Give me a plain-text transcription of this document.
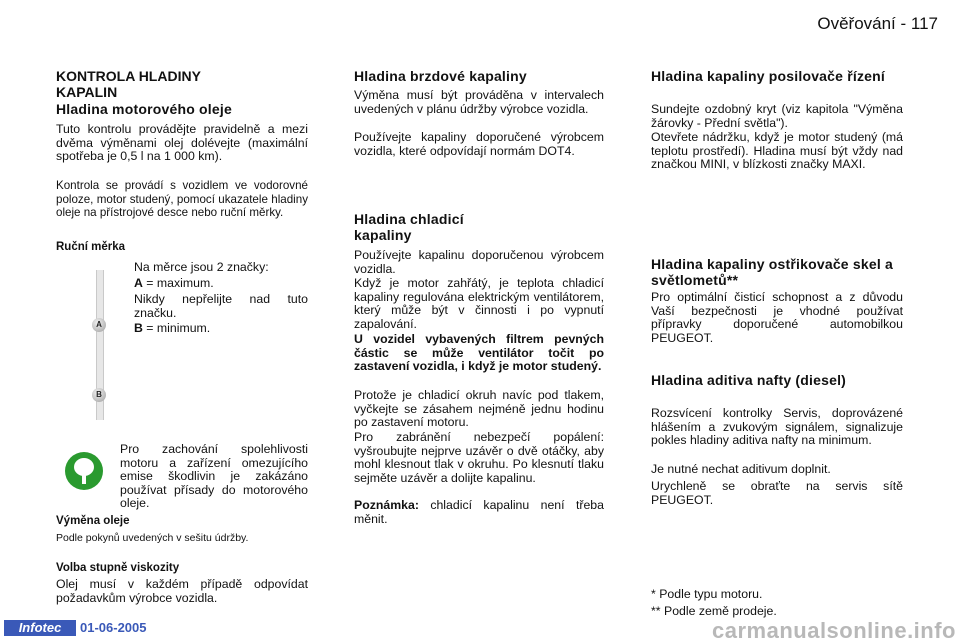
Ověřování - 117
KONTROLA HLADINY KAPALIN
Hladina motorového oleje

Tuto kontrolu provádějte pravidelně a mezi dvěma výměnami olej dolévejte (maximální spotřeba je 0,5 l na 1 000 km).

Kontrola se provádí s vozidlem ve vodorovné poloze, motor studený, pomocí ukazatele hladiny oleje na přístrojové desce nebo ruční měrky.

Ruční měrka

Na měrce jsou 2 značky:

A = maximum.

Nikdy nepřelijte nad tuto značku.

B = minimum.

Pro zachování spolehlivosti motoru a zařízení omezujícího emise škodlivin je zakázáno používat přísady do motorového oleje.

Výměna oleje
Podle pokynů uvedených v sešitu údržby.
Volba stupně viskozity

Olej musí v každém případě odpovídat požadavkům výrobce vozidla.

A
B
Hladina brzdové kapaliny

Výměna musí být prováděna v intervalech uvedených v plánu údržby výrobce vozidla.

Používejte kapaliny doporučené výrobcem vozidla, které odpovídají normám DOT4.

Hladina chladicí kapaliny

Používejte kapalinu doporučenou výrobcem vozidla.

Když je motor zahřátý, je teplota chladicí kapaliny regulována elektrickým ventilátorem, který může být v činnosti i po vypnutí zapalování.

U vozidel vybavených filtrem pevných částic se může ventilátor točit po zastavení vozidla, i když je motor studený.

Protože je chladicí okruh navíc pod tlakem, vyčkejte se zásahem nejméně jednu hodinu po zastavení motoru.

Pro zabránění nebezpečí popálení: vyšroubujte nejprve uzávěr o dvě otáčky, aby mohl klesnout tlak v okruhu. Po klesnutí tlaku sejměte uzávěr a dolijte kapalinu.

Poznámka: chladicí kapalinu není třeba měnit.

Hladina kapaliny posilovače řízení

Sundejte ozdobný kryt (viz kapitola "Výměna žárovky - Přední světla").

Otevřete nádržku, když je motor studený (má teplotu prostředí). Hladina musí být vždy nad značkou MINI, v blízkosti značky MAXI.

Hladina kapaliny ostřikovače skel a světlometů**

Pro optimální čisticí schopnost a z důvodu Vaší bezpečnosti je vhodné používat přípravky doporučené automobilkou PEUGEOT.

Hladina aditiva nafty (diesel)

Rozsvícení kontrolky Servis, doprovázené hlášením a zvukovým signálem, signalizuje pokles hladiny aditiva nafty na minimum.

Je nutné nechat aditivum doplnit.

Urychleně se obraťte na servis sítě PEUGEOT.

* Podle typu motoru.
** Podle země prodeje.
Infotec	01-06-2005	carmanualsonline.info
